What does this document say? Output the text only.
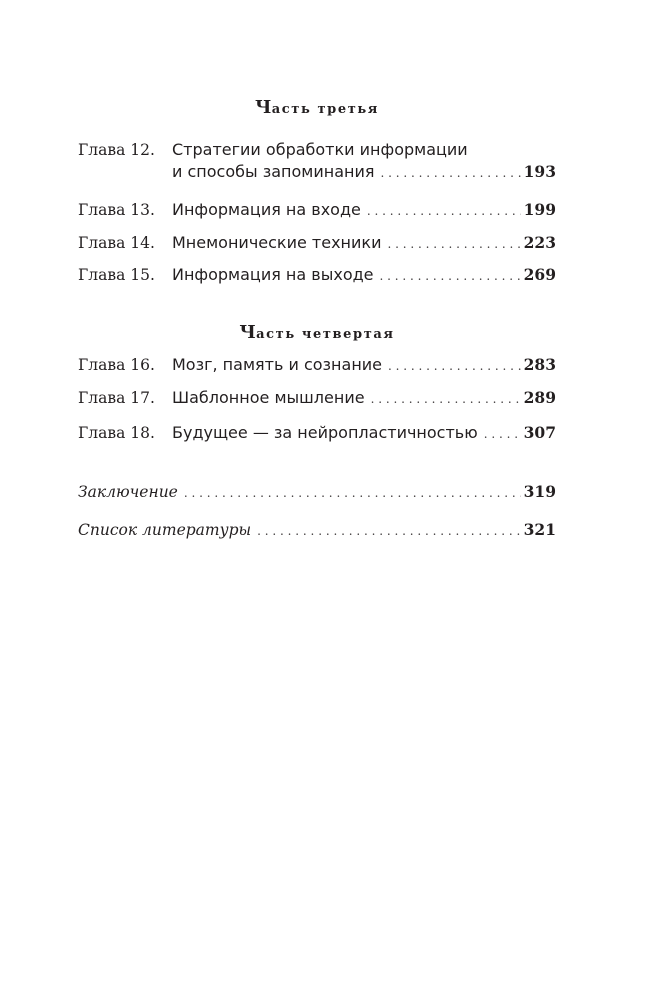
Часть третья
Глава 12.	Стратегии обработки информации
и способы запоминания . . .	193
Глава 13.	Информация на входе . . .	199
Глава 14.	Мнемонические техники . . .	223
Глава 15.	Информация на выходе . . .	269
Часть четвертая
Глава 16.	Мозг, память и сознание . . .	283
Глава 17.	Шаблонное мышление . . .	289
Глава 18.	Будущее — за нейропластичностью . . .	307
Заключение . . .	319
Список литературы . . .	321
